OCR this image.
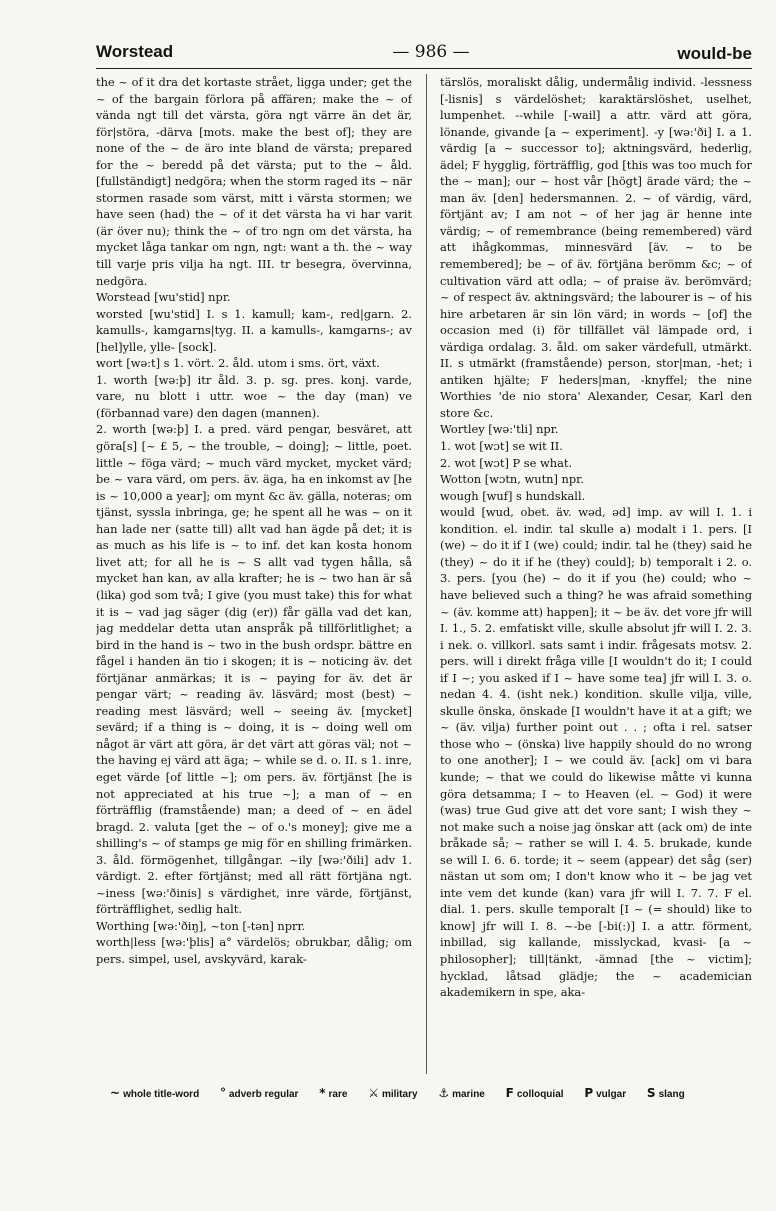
Worstead	— 986 —	would-be

the ~ of it dra det kortaste strået, ligga under; get the ~ of the bargain förlora på affären; make the ~ of vända ngt till det värsta, göra ngt värre än det är, för|störa, -därva [mots. make the best of]; they are none of the ~ de äro inte bland de värsta; prepared for the ~ beredd på det värsta; put to the ~ åld. [fullständigt] nedgöra; when the storm raged its ~ när stormen rasade som värst, mitt i värsta stormen; we have seen (had) the ~ of it det värsta ha vi har varit (är över nu); think the ~ of tro ngn om det värsta, ha mycket låga tankar om ngn, ngt: want a th. the ~ way till varje pris vilja ha ngt. III. tr besegra, övervinna, nedgöra.

Worstead [wu'stid] npr.

worsted [wu'stid] I. s 1. kamull; kam-, red|garn. 2. kamulls-, kamgarns|tyg. II. a kamulls-, kamgarns-; av [hel]ylle, ylle- [sock].

wort [wə:t] s 1. vört. 2. åld. utom i sms. ört, växt.

1. worth [wə:þ] itr åld. 3. p. sg. pres. konj. varde, vare, nu blott i uttr. woe ~ the day (man) ve (förbannad vare) den dagen (mannen).

2. worth [wə:þ] I. a pred. värd pengar, besväret, att göra[s] [~ £ 5, ~ the trouble, ~ doing]; ~ little, poet. little ~ föga värd; ~ much värd mycket, mycket värd; be ~ vara värd, om pers. äv. äga, ha en inkomst av [he is ~ 10,000 a year]; om mynt &c äv. gälla, noteras; om tjänst, syssla inbringa, ge; he spent all he was ~ on it han lade ner (satte till) allt vad han ägde på det; it is as much as his life is ~ to inf. det kan kosta honom livet att; for all he is ~ S allt vad tygen hålla, så mycket han kan, av alla krafter; he is ~ two han är så (lika) god som två; I give (you must take) this for what it is ~ vad jag säger (dig (er)) får gälla vad det kan, jag meddelar detta utan anspråk på tillförlitlighet; a bird in the hand is ~ two in the bush ordspr. bättre en fågel i handen än tio i skogen; it is ~ noticing äv. det förtjänar anmärkas; it is ~ paying for äv. det är pengar värt; ~ reading äv. läsvärd; most (best) ~ reading mest läsvärd; well ~ seeing äv. [mycket] sevärd; if a thing is ~ doing, it is ~ doing well om något är värt att göra, är det värt att göras väl; not ~ the having ej värd att äga; ~ while se d. o. II. s 1. inre, eget värde [of little ~]; om pers. äv. förtjänst [he is not appreciated at his true ~]; a man of ~ en förträfflig (framstående) man; a deed of ~ en ädel bragd. 2. valuta [get the ~ of o.'s money]; give me a shilling's ~ of stamps ge mig för en shilling frimärken. 3. åld. förmögenhet, tillgångar. ~ily [wə:'ðili] adv 1. värdigt. 2. efter förtjänst; med all rätt förtjäna ngt. ~iness [wə:'ðinis] s värdighet, inre värde, förtjänst, förträfflighet, sedlig halt.

Worthing [wə:'ðiŋ], ~ton [-tən] nprr.

worth|less [wə:'þlis] a° värdelös; obrukbar, dålig; om pers. simpel, usel, avskyvärd, karak-

tärslös, moraliskt dålig, undermålig individ. -lessness [-lisnis] s värdelöshet; karaktärslöshet, uselhet, lumpenhet. --while [-wail] a attr. värd att göra, lönande, givande [a ~ experiment]. -y [wə:'ði] I. a 1. värdig [a ~ successor to]; aktningsvärd, hederlig, ädel; F hygglig, förträfflig, god [this was too much for the ~ man]; our ~ host vår [högt] ärade värd; the ~ man äv. [den] hedersmannen. 2. ~ of värdig, värd, förtjänt av; I am not ~ of her jag är henne inte värdig; ~ of remembrance (being remembered) värd att ihågkommas, minnesvärd [äv. ~ to be remembered]; be ~ of äv. förtjäna berömm &c; ~ of cultivation värd att odla; ~ of praise äv. berömvärd; ~ of respect äv. aktningsvärd; the labourer is ~ of his hire arbetaren är sin lön värd; in words ~ [of] the occasion med (i) för tillfället väl lämpade ord, i värdiga ordalag. 3. åld. om saker värdefull, utmärkt. II. s utmärkt (framstående) person, stor|man, -het; i antiken hjälte; F heders|man, -knyffel; the nine Worthies 'de nio stora' Alexander, Cesar, Karl den store &c.

Wortley [wə:'tli] npr.

1. wot [wɔt] se wit II.

2. wot [wɔt] P se what.

Wotton [wɔtn, wutn] npr.

wough [wuf] s hundskall.

would [wud, obet. äv. wəd, əd] imp. av will I. 1. i kondition. el. indir. tal skulle a) modalt i 1. pers. [I (we) ~ do it if I (we) could; indir. tal he (they) said he (they) ~ do it if he (they) could]; b) temporalt i 2. o. 3. pers. [you (he) ~ do it if you (he) could; who ~ have believed such a thing? he was afraid something ~ (äv. komme att) happen]; it ~ be äv. det vore jfr will I. 1., 5. 2. emfatiskt ville, skulle absolut jfr will I. 2. 3. i nek. o. villkorl. sats samt i indir. frågesats motsv. 2. pers. will i direkt fråga ville [I wouldn't do it; I could if I ~; you asked if I ~ have some tea] jfr will I. 3. o. nedan 4. 4. (isht nek.) kondition. skulle vilja, ville, skulle önska, önskade [I wouldn't have it at a gift; we ~ (äv. vilja) further point out . . ; ofta i rel. satser those who ~ (önska) live happily should do no wrong to one another]; I ~ we could äv. [ack] om vi bara kunde; ~ that we could do likewise måtte vi kunna göra detsamma; I ~ to Heaven (el. ~ God) it were (was) true Gud give att det vore sant; I wish they ~ not make such a noise jag önskar att (ack om) de inte bråkade så; ~ rather se will I. 4. 5. brukade, kunde se will I. 6. 6. torde; it ~ seem (appear) det såg (ser) nästan ut som om; I don't know who it ~ be jag vet inte vem det kunde (kan) vara jfr will I. 7. 7. F el. dial. 1. pers. skulle temporalt [I ~ (= should) like to know] jfr will I. 8. ~-be [-bi(:)] I. a attr. förment, inbillad, sig kallande, misslyckad, kvasi- [a ~ philosopher]; till|tänkt, -ämnad [the ~ victim]; hycklad, låtsad glädje; the ~ academician akademikern in spe, aka-

~ whole title-word ° adverb regular * rare ⚔ military ⚓ marine F colloquial P vulgar S slang
